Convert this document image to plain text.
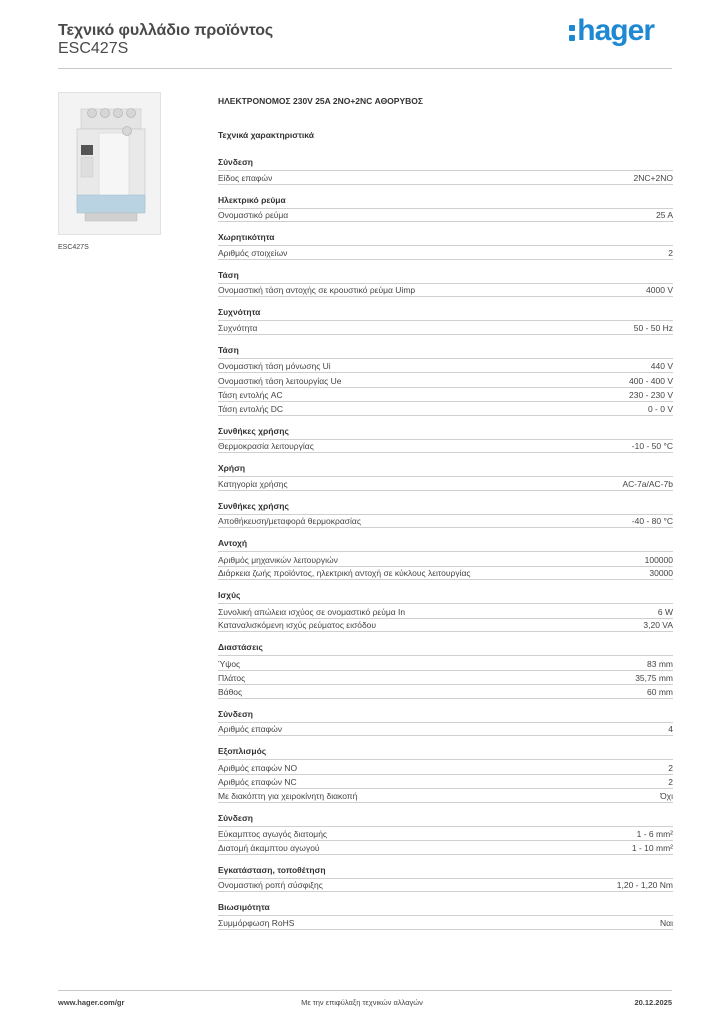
Τεχνικό φυλλάδιο προϊόντος
ESC427S
hager
ESC427S
ΗΛΕΚΤΡΟΝΟΜΟΣ 230V 25A 2NO+2NC ΑΘΟΡΥΒΟΣ
Τεχνικά χαρακτηριστικά
Σύνδεση
Είδος επαφών	2NC+2NO
Ηλεκτρικό ρεύμα
Ονομαστικό ρεύμα	25 A
Χωρητικότητα
Αριθμός στοιχείων	2
Τάση
Ονομαστική τάση αντοχής σε κρουστικό ρεύμα Uimp	4000 V
Συχνότητα
Συχνότητα	50 - 50 Hz
Τάση
Ονομαστική τάση μόνωσης Ui	440 V
Ονομαστική τάση λειτουργίας Ue	400 - 400 V
Τάση εντολής AC	230 - 230 V
Τάση εντολής DC	0 - 0 V
Συνθήκες χρήσης
Θερμοκρασία λειτουργίας	-10 - 50 °C
Χρήση
Κατηγορία χρήσης	AC-7a/AC-7b
Συνθήκες χρήσης
Αποθήκευση/μεταφορά θερμοκρασίας	-40 - 80 °C
Αντοχή
Αριθμός μηχανικών λειτουργιών	100000
Διάρκεια ζωής προϊόντος, ηλεκτρική αντοχή σε κύκλους λειτουργίας	30000
Ισχύς
Συνολική απώλεια ισχύος σε ονομαστικό ρεύμα In	6 W
Καταναλισκόμενη ισχύς ρεύματος εισόδου	3,20 VA
Διαστάσεις
Ύψος	83 mm
Πλάτος	35,75 mm
Βάθος	60 mm
Σύνδεση
Αριθμός επαφών	4
Εξοπλισμός
Αριθμός επαφών NO	2
Αριθμός επαφών NC	2
Με διακόπτη για χειροκίνητη διακοπή	Όχι
Σύνδεση
Εύκαμπτος αγωγός διατομής	1 - 6 mm²
Διατομή άκαμπτου αγωγού	1 - 10 mm²
Εγκατάσταση, τοποθέτηση
Ονομαστική ροπή σύσφιξης	1,20 - 1,20 Nm
Βιωσιμότητα
Συμμόρφωση RoHS	Ναι
www.hager.com/gr	Με την επιφύλαξη τεχνικών αλλαγών	20.12.2025
